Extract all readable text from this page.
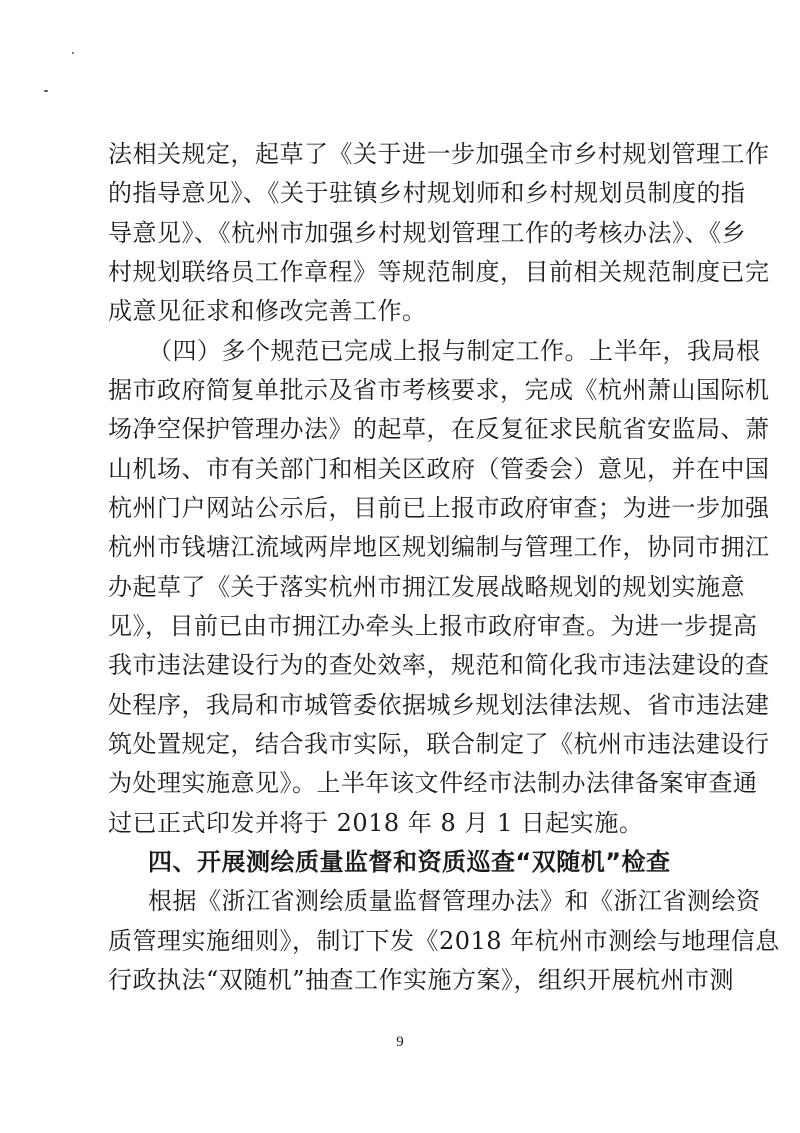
法相关规定，起草了《关于进一步加强全市乡村规划管理工作
的指导意见》、《关于驻镇乡村规划师和乡村规划员制度的指
导意见》、《杭州市加强乡村规划管理工作的考核办法》、《乡
村规划联络员工作章程》等规范制度，目前相关规范制度已完
成意见征求和修改完善工作。
（四）多个规范已完成上报与制定工作。上半年，我局根
据市政府简复单批示及省市考核要求，完成《杭州萧山国际机
场净空保护管理办法》的起草，在反复征求民航省安监局、萧
山机场、市有关部门和相关区政府（管委会）意见，并在中国
杭州门户网站公示后，目前已上报市政府审查；为进一步加强
杭州市钱塘江流域两岸地区规划编制与管理工作，协同市拥江
办起草了《关于落实杭州市拥江发展战略规划的规划实施意
见》，目前已由市拥江办牵头上报市政府审查。为进一步提高
我市违法建设行为的查处效率，规范和简化我市违法建设的查
处程序，我局和市城管委依据城乡规划法律法规、省市违法建
筑处置规定，结合我市实际，联合制定了《杭州市违法建设行
为处理实施意见》。上半年该文件经市法制办法律备案审查通
过已正式印发并将于 2018 年 8 月 1 日起实施。
四、开展测绘质量监督和资质巡查“双随机”检查
根据《浙江省测绘质量监督管理办法》和《浙江省测绘资
9
质管理实施细则》，制订下发《2018 年杭州市测绘与地理信息
行政执法“双随机”抽查工作实施方案》，组织开展杭州市测
